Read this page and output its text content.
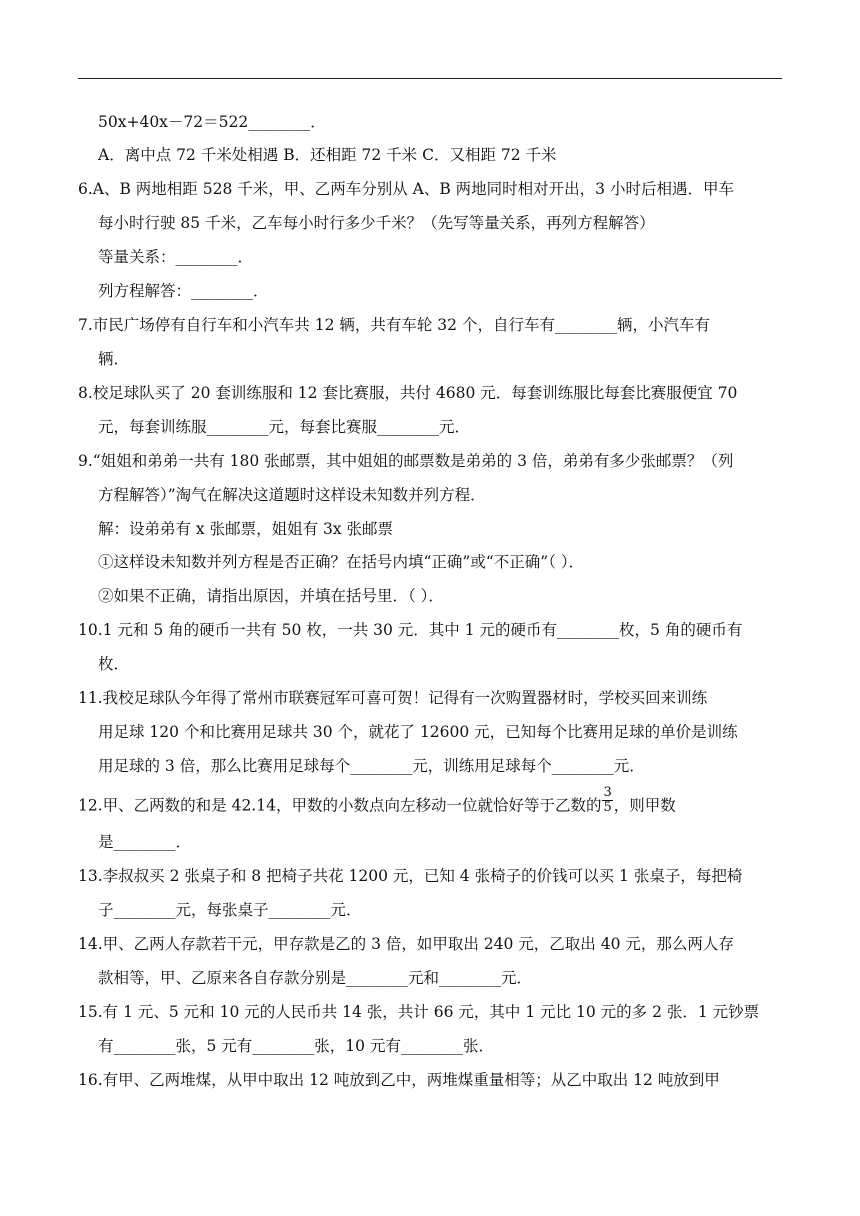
50x+40x－72＝522________．
A．离中点 72 千米处相遇 B．还相距 72 千米 C．又相距 72 千米
6.A、B 两地相距 528 千米，甲、乙两车分别从 A、B 两地同时相对开出，3 小时后相遇．甲车
每小时行驶 85 千米，乙车每小时行多少千米？（先写等量关系，再列方程解答）
等量关系：________．
列方程解答：________．
7.市民广场停有自行车和小汽车共 12 辆，共有车轮 32 个，自行车有________辆，小汽车有
辆．
8.校足球队买了 20 套训练服和 12 套比赛服，共付 4680 元．每套训练服比每套比赛服便宜 70
元，每套训练服________元，每套比赛服________元．
9.“姐姐和弟弟一共有 180 张邮票，其中姐姐的邮票数是弟弟的 3 倍，弟弟有多少张邮票？（列
方程解答）”淘气在解决这道题时这样设未知数并列方程．
解：设弟弟有 x 张邮票，姐姐有 3x 张邮票
①这样设未知数并列方程是否正确？在括号内填“正确”或“不正确”（ ）．
②如果不正确，请指出原因，并填在括号里．（ ）．
10.1 元和 5 角的硬币一共有 50 枚，一共 30 元．其中 1 元的硬币有________枚，5 角的硬币有
枚．
11.我校足球队今年得了常州市联赛冠军可喜可贺！记得有一次购置器材时，学校买回来训练
用足球 120 个和比赛用足球共 30 个，就花了 12600 元，已知每个比赛用足球的单价是训练
用足球的 3 倍，那么比赛用足球每个________元，训练用足球每个________元．
12.甲、乙两数的和是 42.14，甲数的小数点向左移动一位就恰好等于乙数的 $\frac{3}{5}$ ，则甲数
是________．
13.李叔叔买 2 张桌子和 8 把椅子共花 1200 元，已知 4 张椅子的价钱可以买 1 张桌子，每把椅
子________元，每张桌子________元．
14.甲、乙两人存款若干元，甲存款是乙的 3 倍，如甲取出 240 元，乙取出 40 元，那么两人存
款相等，甲、乙原来各自存款分别是________元和________元．
15.有 1 元、5 元和 10 元的人民币共 14 张，共计 66 元，其中 1 元比 10 元的多 2 张．1 元钞票
有________张，5 元有________张，10 元有________张．
16.有甲、乙两堆煤，从甲中取出 12 吨放到乙中，两堆煤重量相等；从乙中取出 12 吨放到甲
